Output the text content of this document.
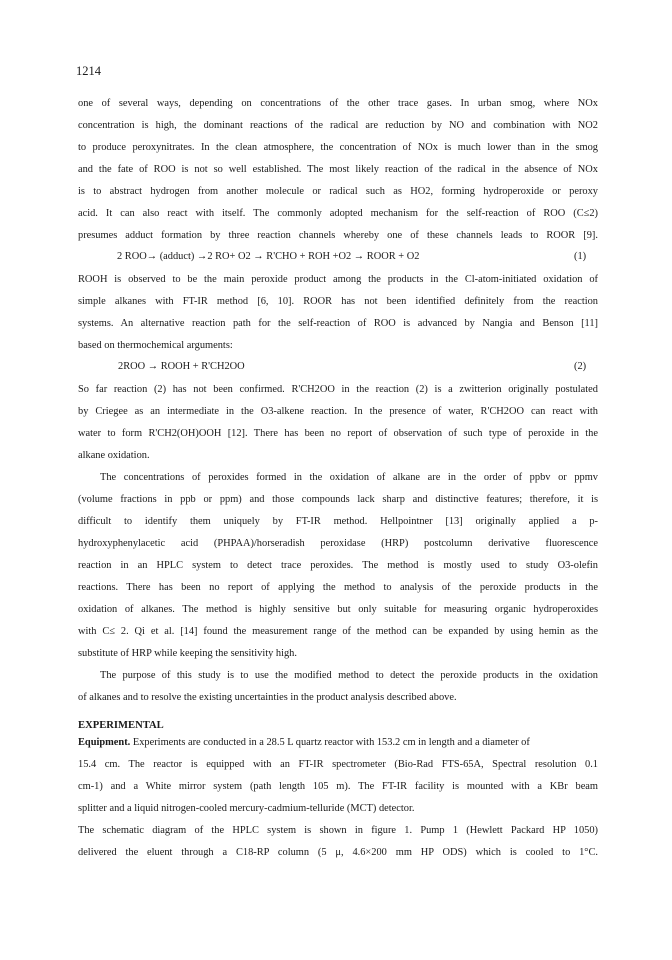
1214
one of several ways, depending on concentrations of the other trace gases. In urban smog, where NOx
concentration is high, the dominant reactions of the radical are reduction by NO and combination with NO2
to produce peroxynitrates. In the clean atmosphere, the concentration of NOx is much lower than in the smog
and the fate of ROO is not so well established. The most likely reaction of the radical in the absence of NOx
is to abstract hydrogen from another molecule or radical such as HO2, forming hydroperoxide or peroxy
acid. It can also react with itself. The commonly adopted mechanism for the self-reaction of ROO (C≤2)
presumes adduct formation by three reaction channels whereby one of these channels leads to ROOR [9].
2 ROO→ (adduct) →2 RO+ O2 → R'CHO + ROH +O2 → ROOR + O2	(1)
ROOH is observed to be the main peroxide product among the products in the Cl-atom-initiated oxidation of
simple alkanes with FT-IR method [6, 10]. ROOR has not been identified definitely from the reaction
systems. An alternative reaction path for the self-reaction of ROO is advanced by Nangia and Benson [11]
based on thermochemical arguments:
2ROO → ROOH + R'CH2OO	(2)
So far reaction (2) has not been confirmed. R'CH2OO in the reaction (2) is a zwitterion originally postulated
by Criegee as an intermediate in the O3-alkene reaction. In the presence of water, R'CH2OO can react with
water to form R'CH2(OH)OOH [12]. There has been no report of observation of such type of peroxide in the
alkane oxidation.
The concentrations of peroxides formed in the oxidation of alkane are in the order of ppbv or ppmv
(volume fractions in ppb or ppm) and those compounds lack sharp and distinctive features; therefore, it is
difficult to identify them uniquely by FT-IR method. Hellpointner [13] originally applied a p-
hydroxyphenylacetic acid (PHPAA)/horseradish peroxidase (HRP) postcolumn derivative fluorescence
reaction in an HPLC system to detect trace peroxides. The method is mostly used to study O3-olefin
reactions. There has been no report of applying the method to analysis of the peroxide products in the
oxidation of alkanes. The method is highly sensitive but only suitable for measuring organic hydroperoxides
with C≤ 2. Qi et al. [14] found the measurement range of the method can be expanded by using hemin as the
substitute of HRP while keeping the sensitivity high.
The purpose of this study is to use the modified method to detect the peroxide products in the oxidation
of alkanes and to resolve the existing uncertainties in the product analysis described above.
EXPERIMENTAL
Equipment. Experiments are conducted in a 28.5 L quartz reactor with 153.2 cm in length and a diameter of
15.4 cm. The reactor is equipped with an FT-IR spectrometer (Bio-Rad FTS-65A, Spectral resolution 0.1
cm-1) and a White mirror system (path length 105 m). The FT-IR facility is mounted with a KBr beam
splitter and a liquid nitrogen-cooled mercury-cadmium-telluride (MCT) detector.
The schematic diagram of the HPLC system is shown in figure 1. Pump 1 (Hewlett Packard HP 1050)
delivered the eluent through a C18-RP column (5 μ, 4.6×200 mm HP ODS) which is cooled to 1°C.
